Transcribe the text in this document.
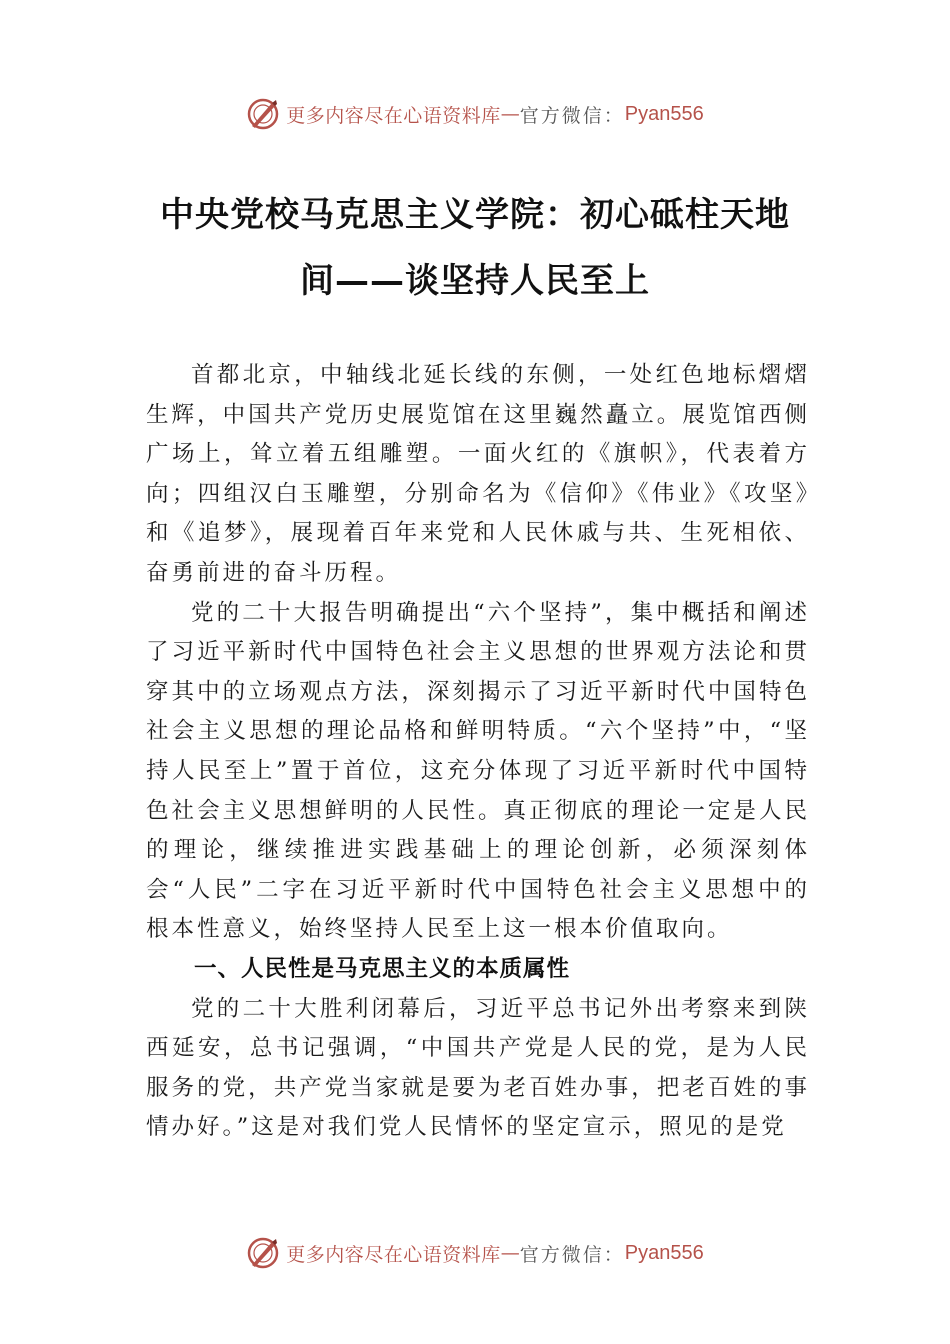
更多内容尽在心语资料库 — 官方微信： Pyan556
中央党校马克思主义学院：初心砥柱天地
间——谈坚持人民至上

首都北京，中轴线北延长线的东侧，一处红色地标熠熠生辉，中国共产党历史展览馆在这里巍然矗立。展览馆西侧广场上，耸立着五组雕塑。一面火红的《旗帜》，代表着方向；四组汉白玉雕塑，分别命名为《信仰》《伟业》《攻坚》和《追梦》，展现着百年来党和人民休戚与共、生死相依、 奋勇前进的奋斗历程。

党的二十大报告明确提出“六个坚持”，集中概括和阐述了习近平新时代中国特色社会主义思想的世界观方法论和贯穿其中的立场观点方法，深刻揭示了习近平新时代中国特色社会主义思想的理论品格和鲜明特质。“六个坚持”中，“坚持人民至上”置于首位，这充分体现了习近平新时代中国特色社会主义思想鲜明的人民性。真正彻底的理论一定是人民的理论，继续推进实践基础上的理论创新，必须深刻体会“人民”二字在习近平新时代中国特色社会主义思想中的根本性意义，始终坚持人民至上这一根本价值取向。

一、人民性是马克思主义的本质属性

党的二十大胜利闭幕后，习近平总书记外出考察来到陕西延安，总书记强调，“中国共产党是人民的党，是为人民服务的党，共产党当家就是要为老百姓办事，把老百姓的事情办好。”这是对我们党人民情怀的坚定宣示，照见的是党

更多内容尽在心语资料库 — 官方微信： Pyan556
